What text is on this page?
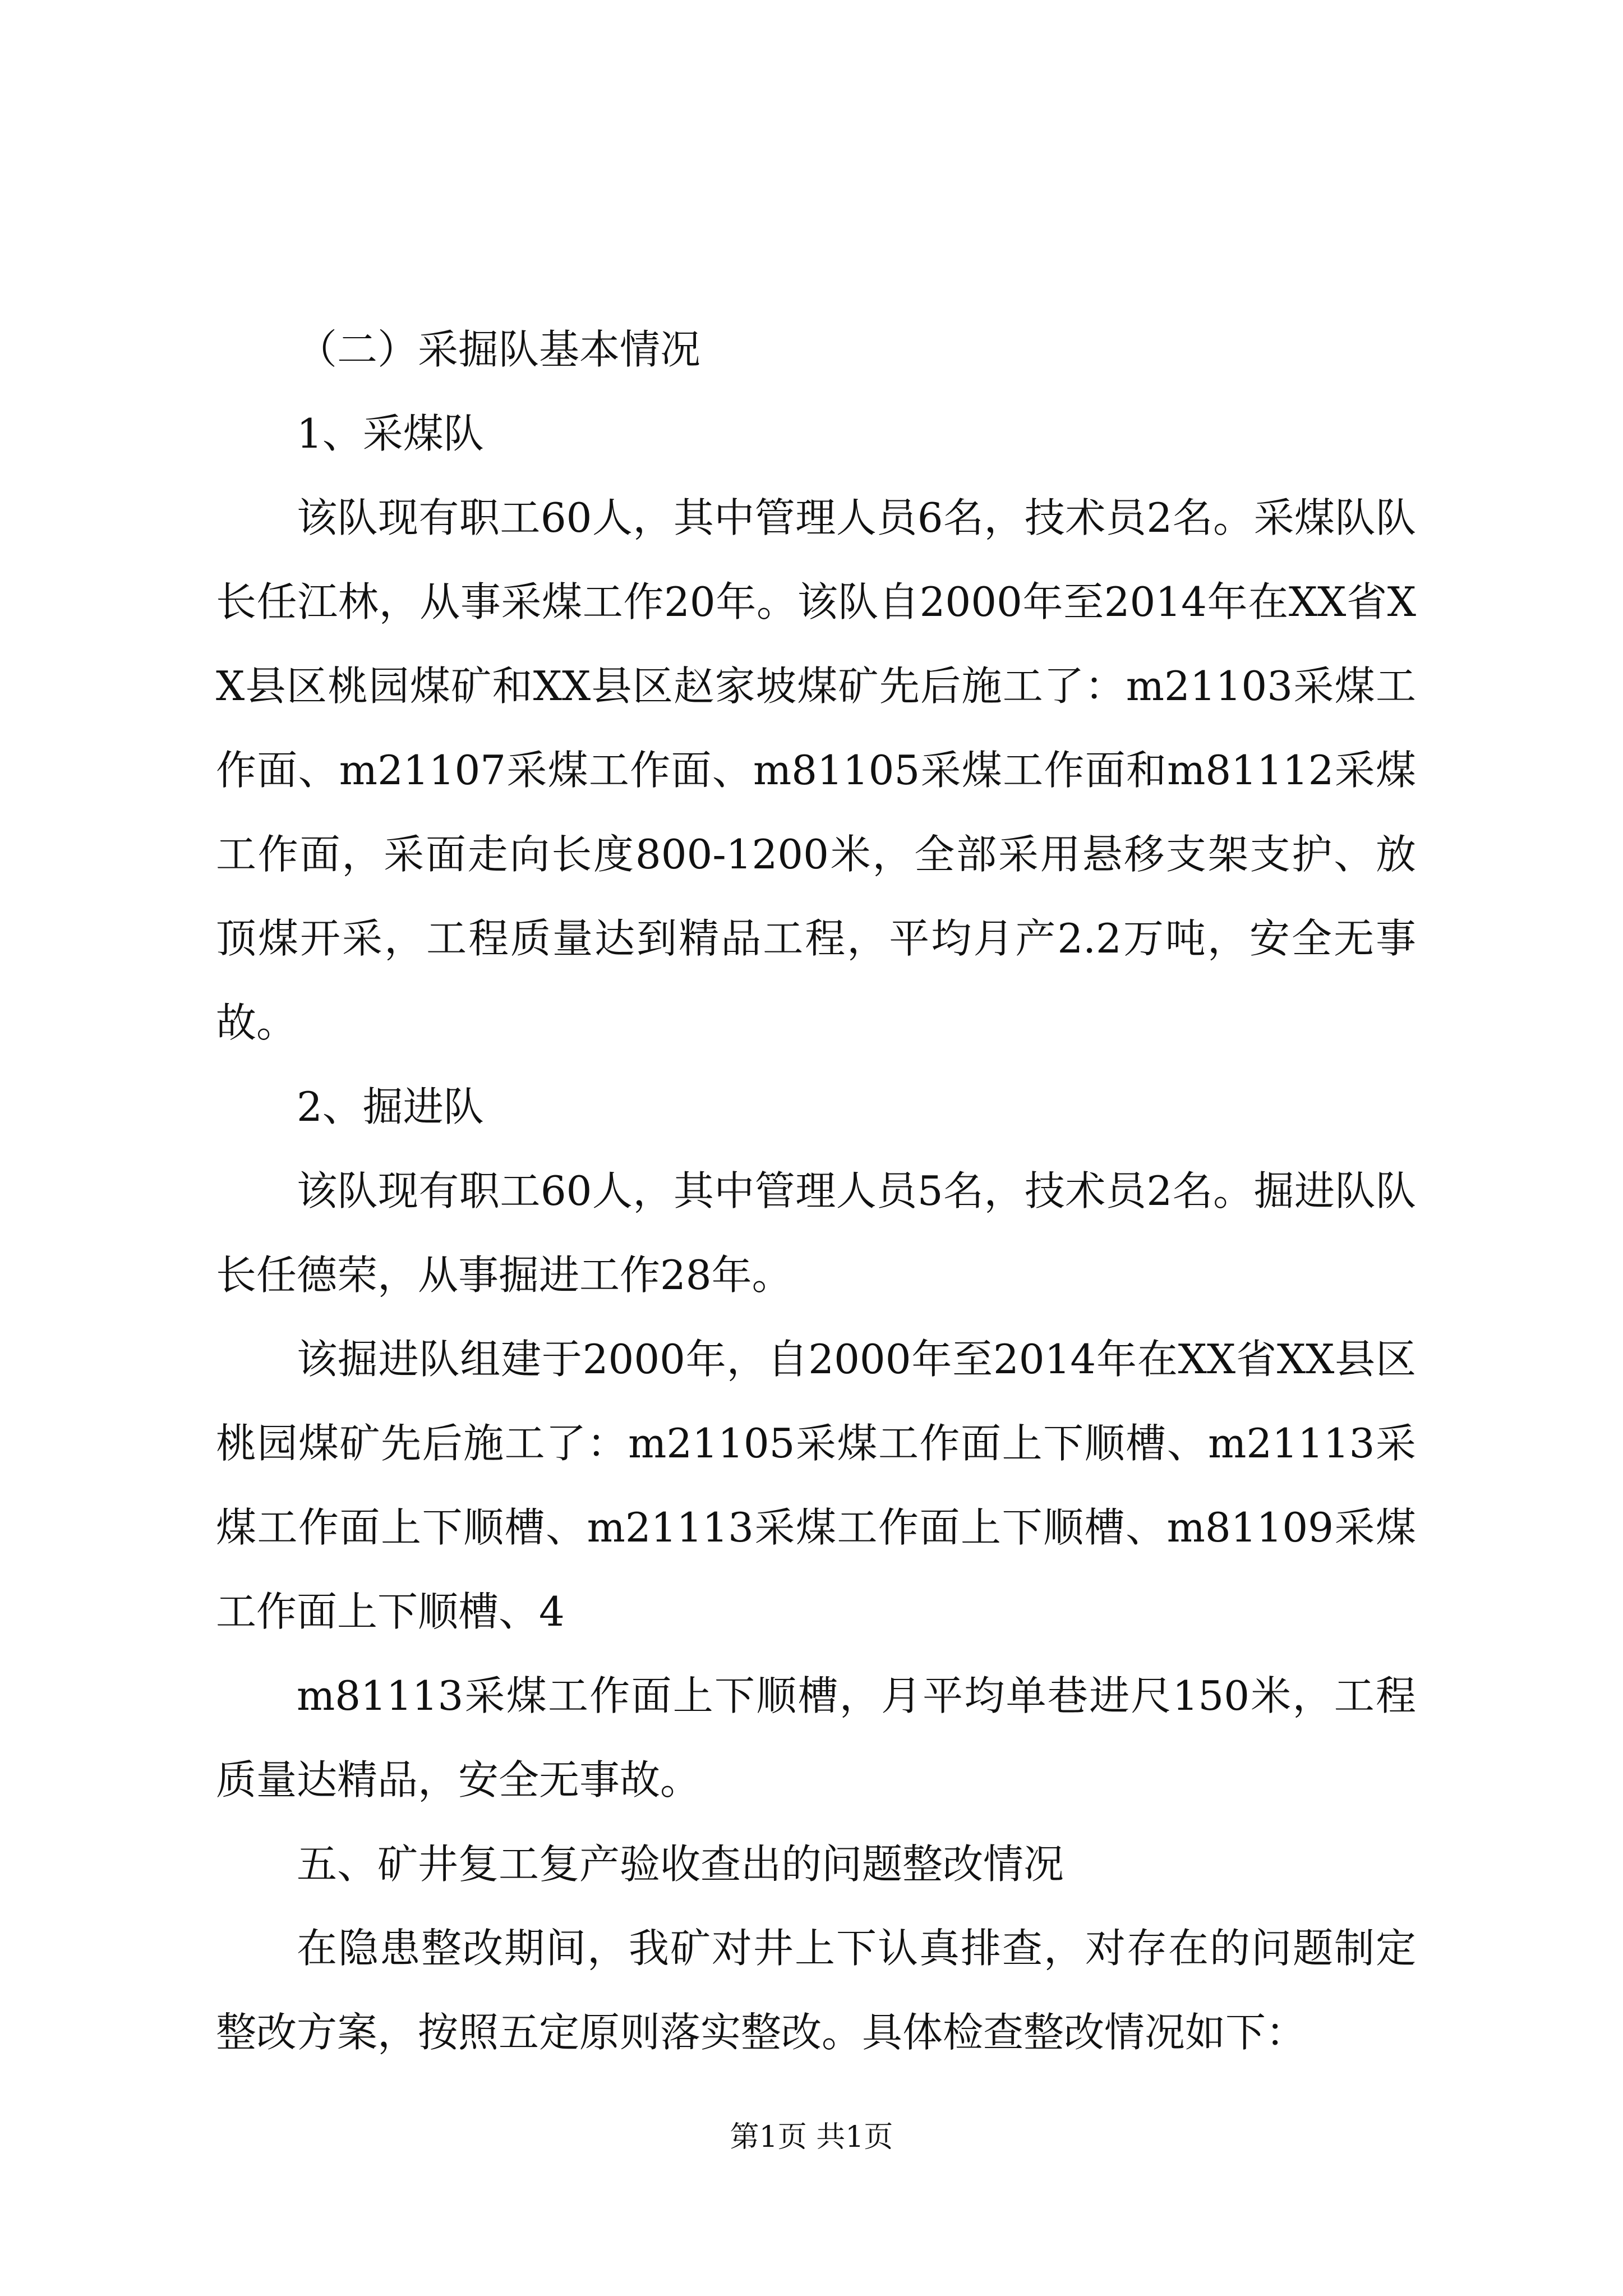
（二）采掘队基本情况

1、采煤队

该队现有职工60人，其中管理人员6名，技术员2名。采煤队队长任江林，从事采煤工作20年。该队自2000年至2014年在XX省XX县区桃园煤矿和XX县区赵家坡煤矿先后施工了：m21103采煤工作面、m21107采煤工作面、m81105采煤工作面和m81112采煤工作面，采面走向长度800-1200米，全部采用悬移支架支护、放顶煤开采，工程质量达到精品工程，平均月产2.2万吨，安全无事故。

2、掘进队

该队现有职工60人，其中管理人员5名，技术员2名。掘进队队长任德荣，从事掘进工作28年。

该掘进队组建于2000年，自2000年至2014年在XX省XX县区桃园煤矿先后施工了：m21105采煤工作面上下顺槽、m21113采煤工作面上下顺槽、m21113采煤工作面上下顺槽、m81109采煤工作面上下顺槽、4

m81113采煤工作面上下顺槽，月平均单巷进尺150米，工程质量达精品，安全无事故。

五、矿井复工复产验收查出的问题整改情况

在隐患整改期间，我矿对井上下认真排查，对存在的问题制定整改方案，按照五定原则落实整改。具体检查整改情况如下：

第1页 共1页
